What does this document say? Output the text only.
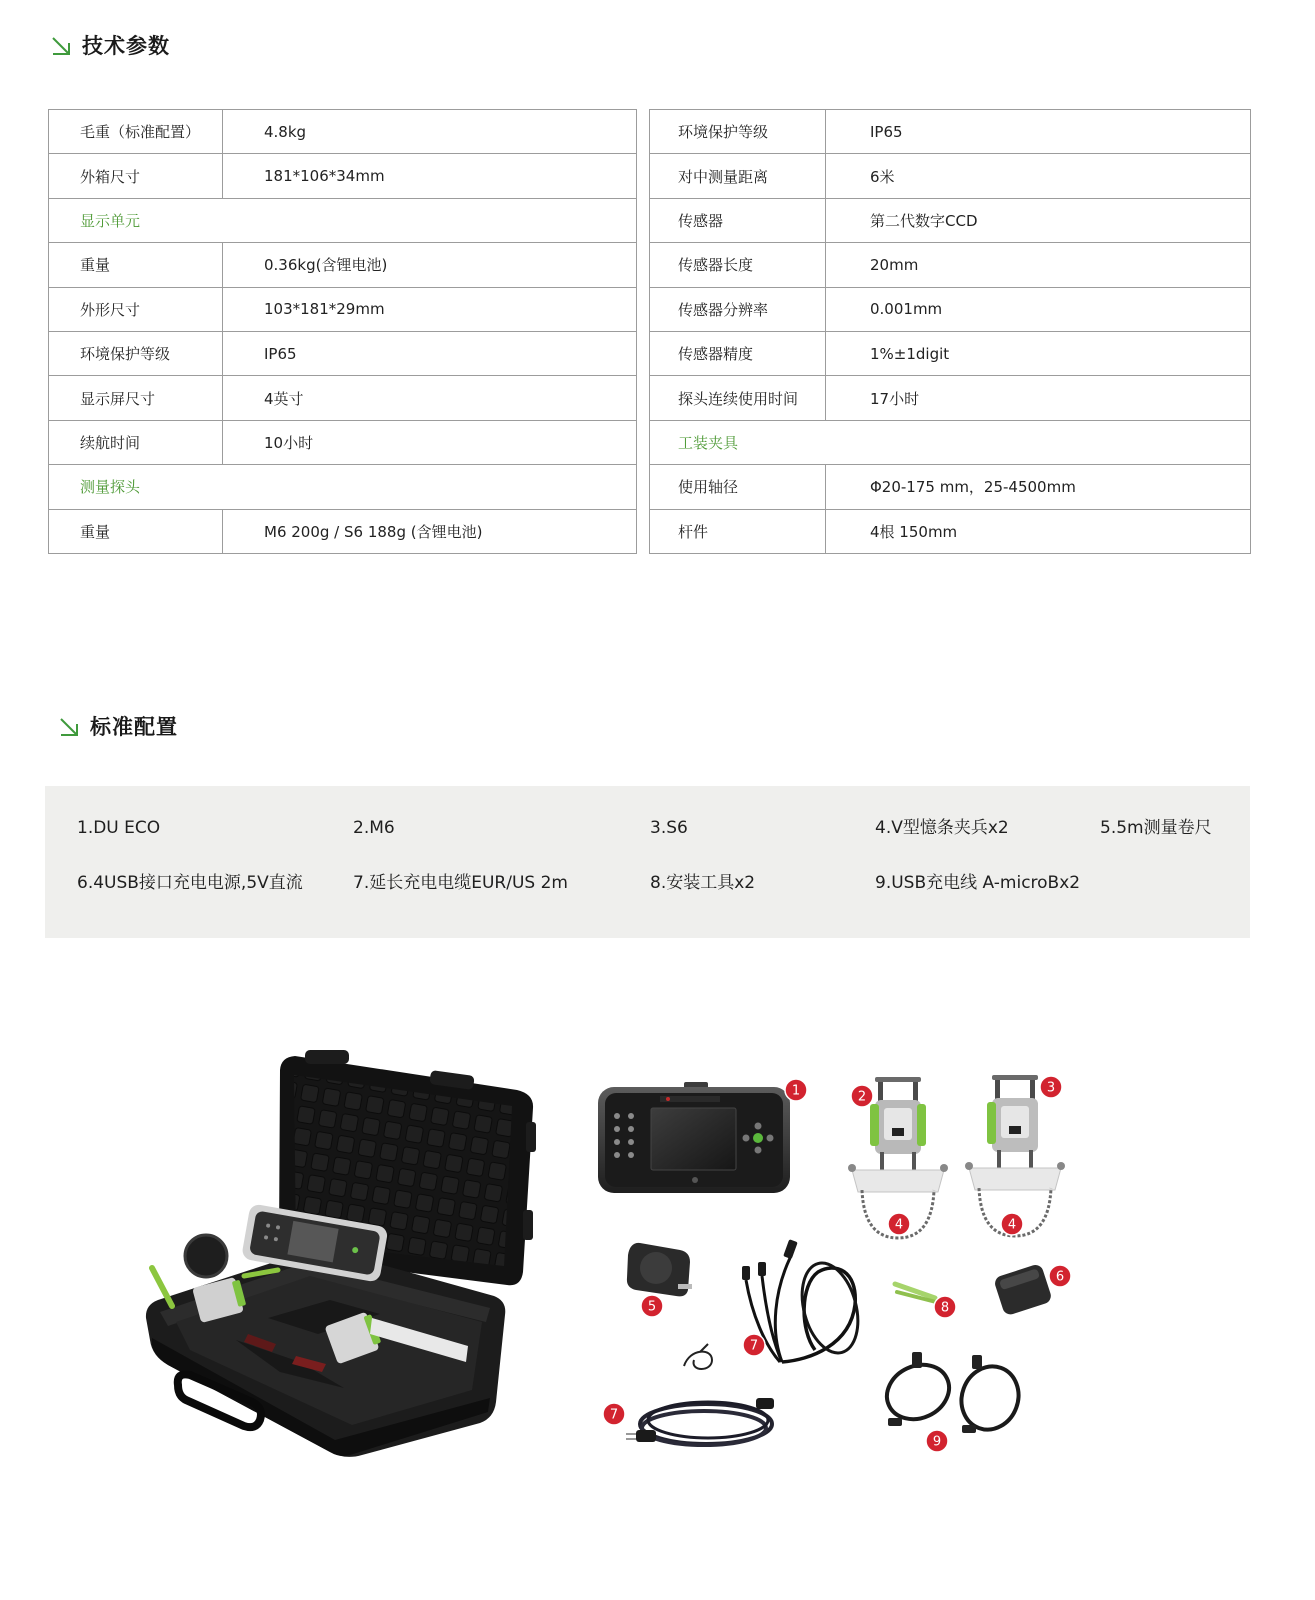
技术参数
毛重（标准配置）	4.8kg
外箱尺寸	181*106*34mm
显示单元
重量	0.36kg(含锂电池)
外形尺寸	103*181*29mm
环境保护等级	IP65
显示屏尺寸	4英寸
续航时间	10小时
测量探头
重量	M6 200g / S6 188g (含锂电池)
环境保护等级	IP65
对中测量距离	6米
传感器	第二代数字CCD
传感器长度	20mm
传感器分辨率	0.001mm
传感器精度	1%±1digit
探头连续使用时间	17小时
工装夹具
使用轴径	Φ20-175 mm，25-4500mm
杆件	4根 150mm
标准配置
1.DU ECO	2.M6	3.S6	4.V型憶条夹兵x2	5.5m测量卷尺
6.4USB接口充电电源,5V直流	7.延长充电电缆EUR/US 2m	8.安装工具x2	9.USB充电线 A-microBx2
1	2
3
4	4
5
6
7
7
8
9
